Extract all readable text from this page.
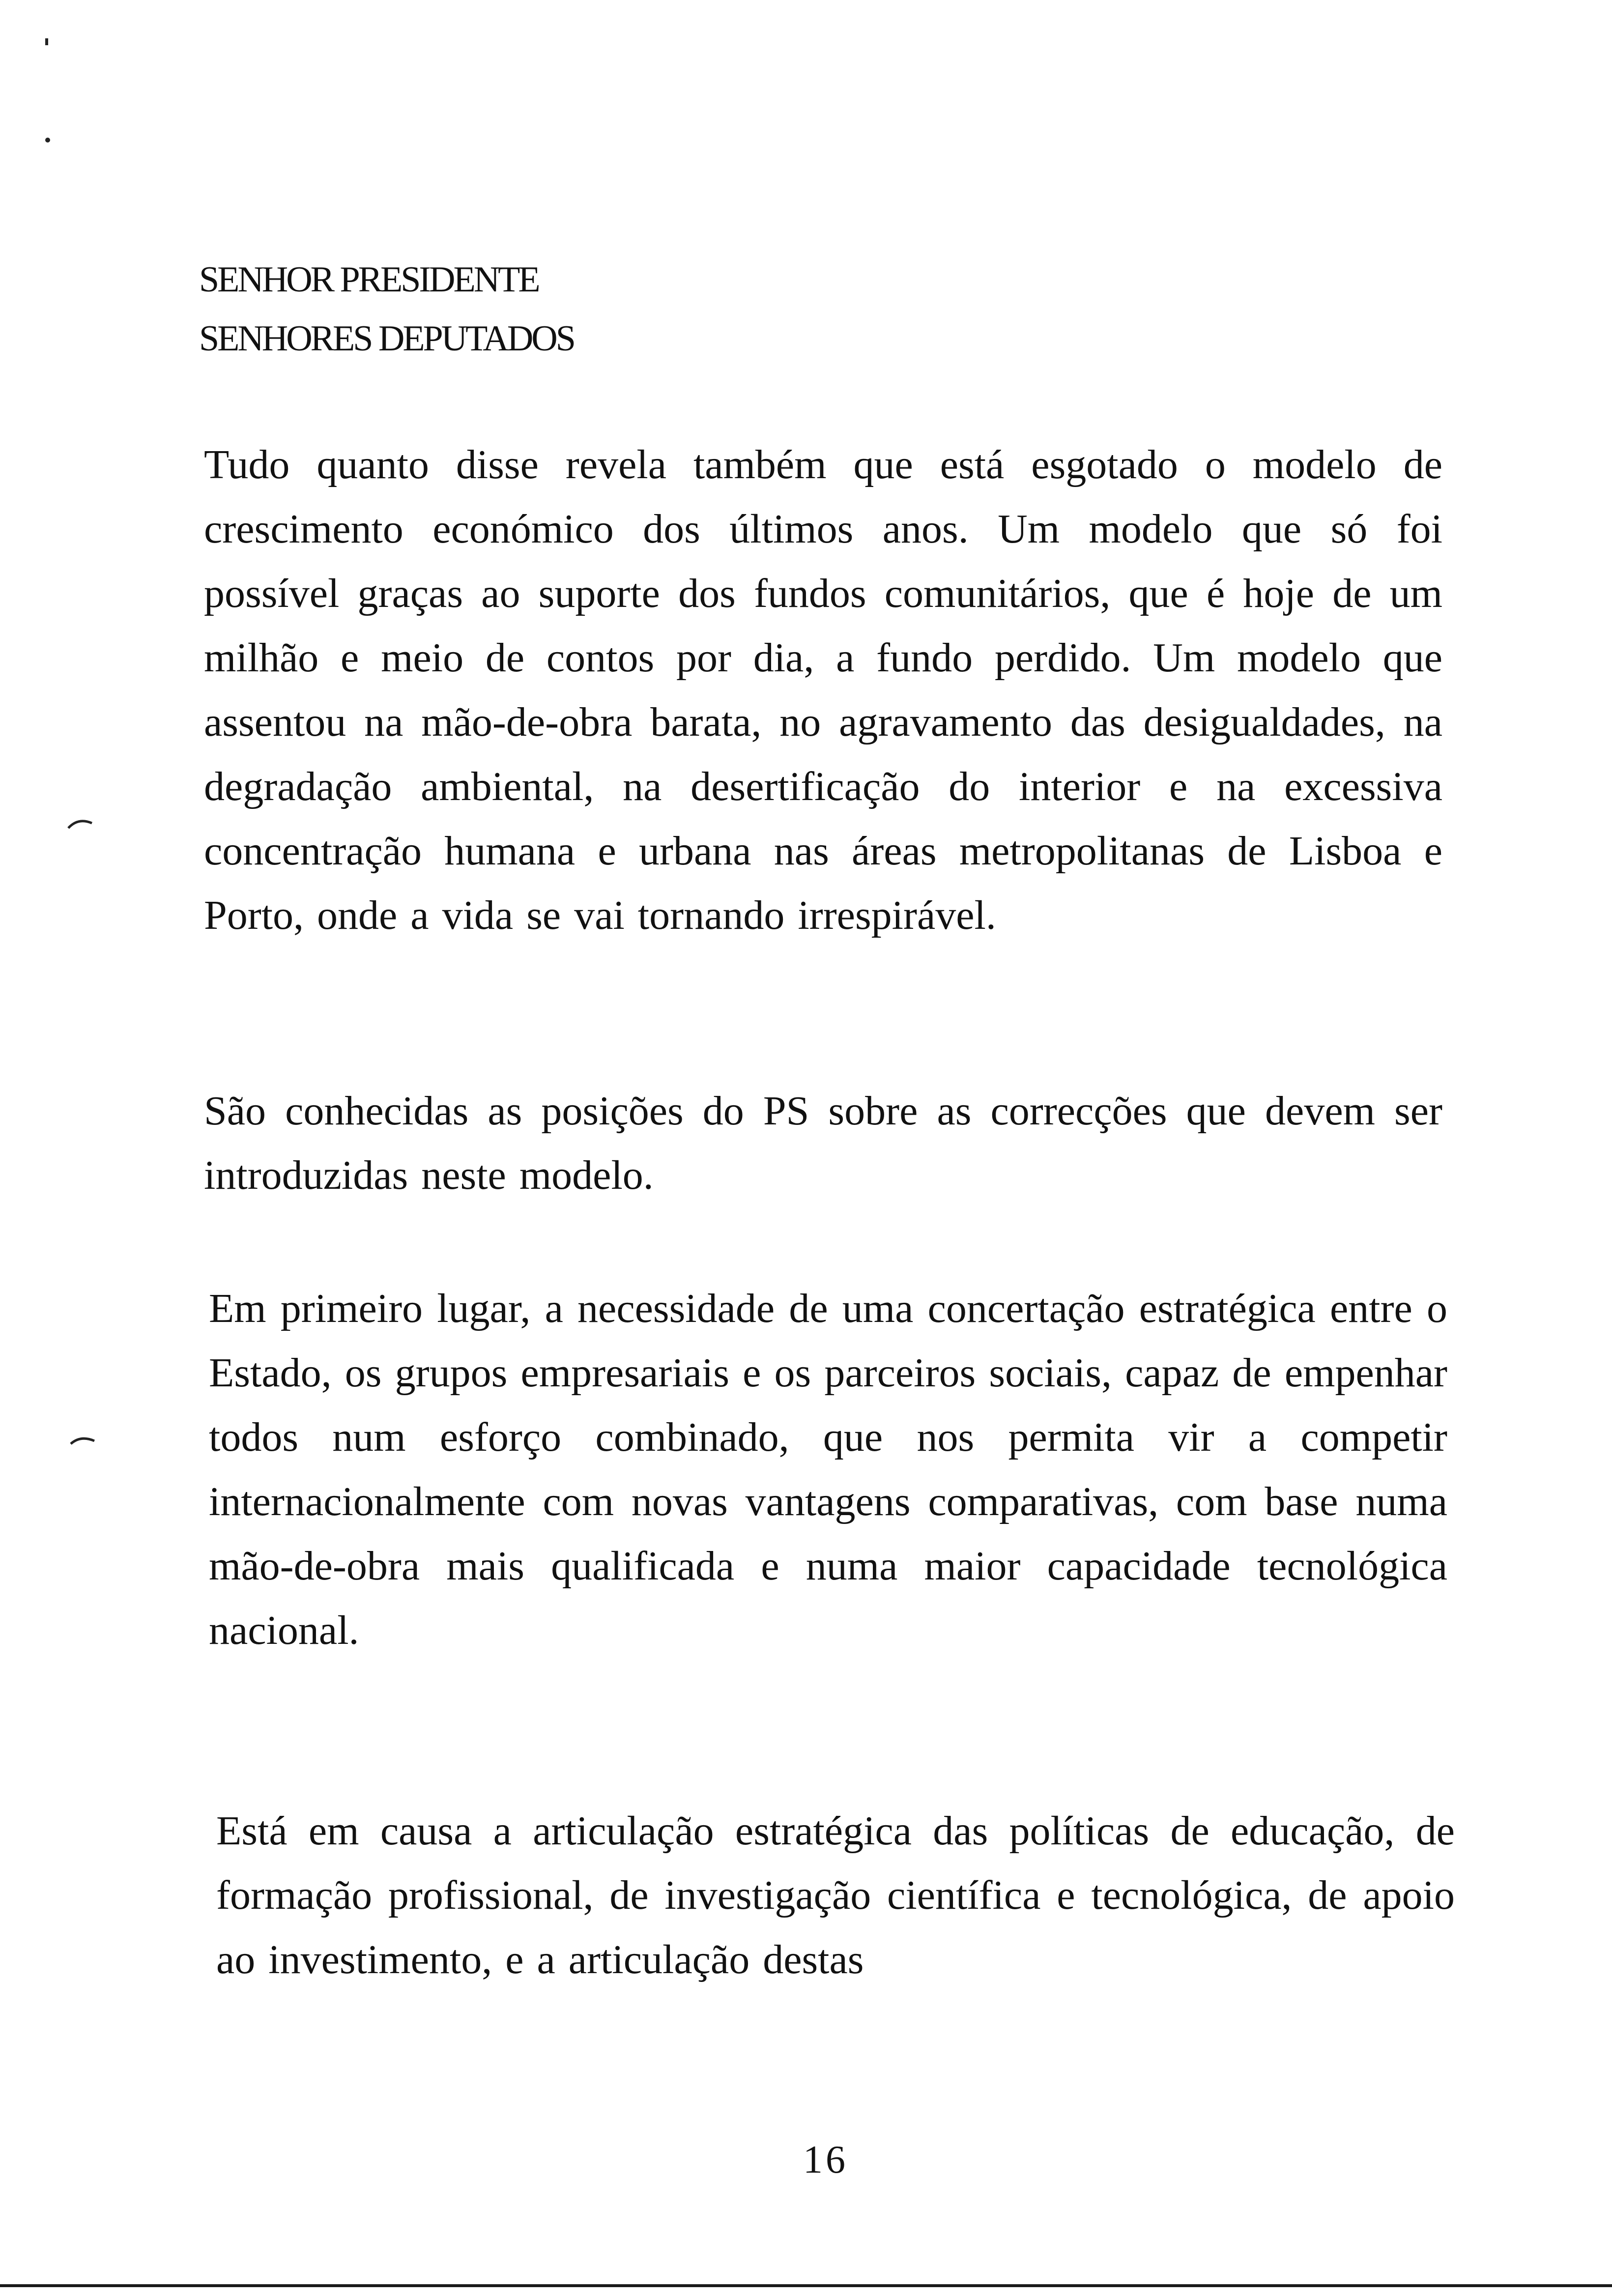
SENHOR PRESIDENTE
SENHORES DEPUTADOS
Tudo quanto disse revela também que está esgotado o modelo de crescimento económico dos últimos anos. Um modelo que só foi possível graças ao suporte dos fundos comunitários, que é hoje de um milhão e meio de contos por dia, a fundo perdido. Um modelo que assentou na mão-de-obra barata, no agravamento das desigualdades, na degradação ambiental, na desertificação do interior e na excessiva concentração humana e urbana nas áreas metropolitanas de Lisboa e Porto, onde a vida se vai tornando irrespirável.
São conhecidas as posições do PS sobre as correcções que devem ser introduzidas neste modelo.
Em primeiro lugar, a necessidade de uma concertação estratégica entre o Estado, os grupos empresariais e os parceiros sociais, capaz de empenhar todos num esforço combinado, que nos permita vir a competir internacionalmente com novas vantagens comparativas, com base numa mão-de-obra mais qualificada e numa maior capacidade tecnológica nacional.
Está em causa a articulação estratégica das políticas de educação, de formação profissional, de investigação científica e tecnológica, de apoio ao investimento, e a articulação destas
16
